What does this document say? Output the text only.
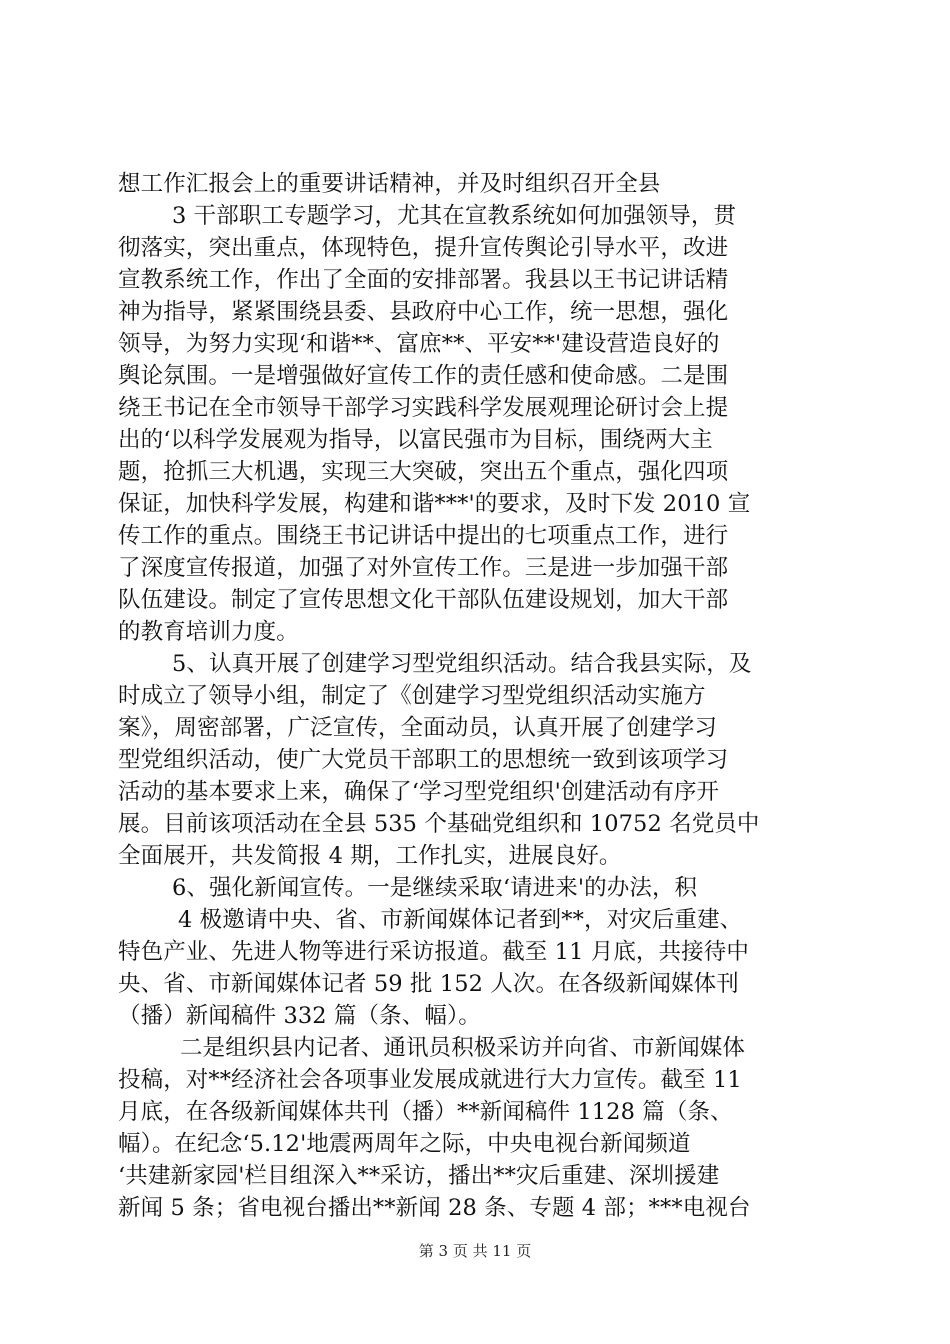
想工作汇报会上的重要讲话精神，并及时组织召开全县
3 干部职工专题学习，尤其在宣教系统如何加强领导，贯
彻落实，突出重点，体现特色，提升宣传舆论引导水平，改进
宣教系统工作，作出了全面的安排部署。我县以王书记讲话精
神为指导，紧紧围绕县委、县政府中心工作，统一思想，强化
领导，为努力实现‘和谐**、富庶**、平安**'建设营造良好的
舆论氛围。一是增强做好宣传工作的责任感和使命感。二是围
绕王书记在全市领导干部学习实践科学发展观理论研讨会上提
出的‘以科学发展观为指导，以富民强市为目标，围绕两大主
题，抢抓三大机遇，实现三大突破，突出五个重点，强化四项
保证，加快科学发展，构建和谐***'的要求，及时下发 2010 宣
传工作的重点。围绕王书记讲话中提出的七项重点工作，进行
了深度宣传报道，加强了对外宣传工作。三是进一步加强干部
队伍建设。制定了宣传思想文化干部队伍建设规划，加大干部
的教育培训力度。
5、认真开展了创建学习型党组织活动。结合我县实际，及
时成立了领导小组，制定了《创建学习型党组织活动实施方
案》，周密部署，广泛宣传，全面动员，认真开展了创建学习
型党组织活动，使广大党员干部职工的思想统一致到该项学习
活动的基本要求上来，确保了‘学习型党组织'创建活动有序开
展。目前该项活动在全县 535 个基础党组织和 10752 名党员中
全面展开，共发简报 4 期，工作扎实，进展良好。
6、强化新闻宣传。一是继续采取‘请进来'的办法，积
4 极邀请中央、省、市新闻媒体记者到**，对灾后重建、
特色产业、先进人物等进行采访报道。截至 11 月底，共接待中
央、省、市新闻媒体记者 59 批 152 人次。在各级新闻媒体刊
（播）新闻稿件 332 篇（条、幅）。
二是组织县内记者、通讯员积极采访并向省、市新闻媒体
投稿，对**经济社会各项事业发展成就进行大力宣传。截至 11
月底，在各级新闻媒体共刊（播）**新闻稿件 1128 篇（条、
幅）。在纪念‘5.12'地震两周年之际，中央电视台新闻频道
‘共建新家园'栏目组深入**采访，播出**灾后重建、深圳援建
新闻 5 条；省电视台播出**新闻 28 条、专题 4 部；***电视台
第 3 页 共 11 页
